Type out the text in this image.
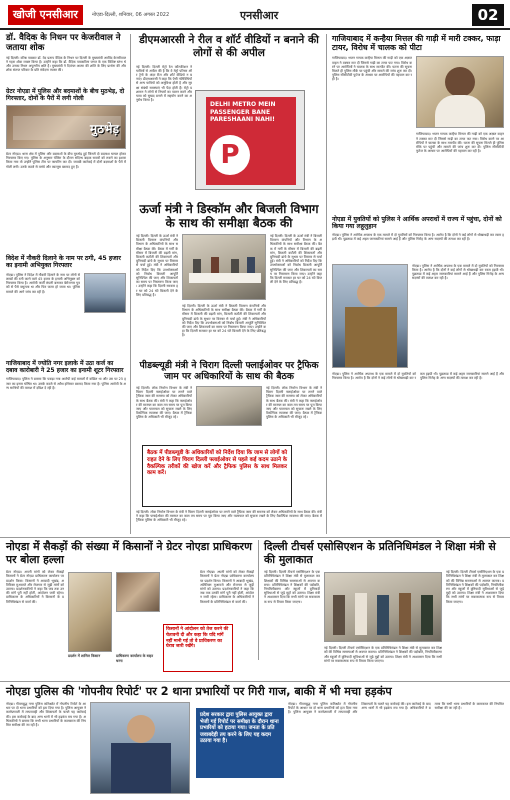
खोजी एनसीआर	नोएडा-दिल्ली, शनिवार, 06 अगस्त 2022	एनसीआर	02
डॉ. वैदिक के निधन पर केजरीवाल ने जताया शोक
नई दिल्ली। वरिष्ठ पत्रकार डॉ. वेद प्रताप वैदिक के निधन पर दिल्ली के मुख्यमंत्री अरविंद केजरीवाल ने गहरा शोक व्यक्त किया है। उन्होंने कहा कि डॉ. वैदिक पत्रकारिता जगत के एक विशिष्ट स्तंभ थे और उनका निधन अपूरणीय क्षति है। मुख्यमंत्री ने दिवंगत आत्मा की शांति के लिए प्रार्थना की और शोक संतप्त परिवार के प्रति संवेदना व्यक्त की।
ग्रेटर नोएडा में पुलिस और बदमाशों के बीच मुठभेड़, दो गिरफ्तार, दोनों के पैरों में लगी गोली
मुठभेड़
ग्रेटर नोएडा। थाना क्षेत्र में पुलिस और बदमाशों के बीच मुठभेड़ हुई जिसमें दो बदमाश घायल होकर गिरफ्तार किए गए। पुलिस के अनुसार चेकिंग के दौरान संदिग्ध बाइक सवारों को रुकने का इशारा किया गया तो उन्होंने पुलिस टीम पर फायरिंग कर दी। जवाबी कार्रवाई में दोनों बदमाशों के पैरों में गोली लगी। उनके कब्जे से तमंचे और कारतूस बरामद हुए हैं।
विदेश में नौकरी दिलाने के नाम पर ठगी, 45 हजार का इनामी अभियुक्त गिरफ्तार
नोएडा। पुलिस ने विदेश में नौकरी दिलाने के नाम पर लोगों से लाखों की ठगी करने वाले 45 हजार के इनामी अभियुक्त को गिरफ्तार किया है। आरोपी फर्जी कंपनी बनाकर बेरोजगार युवकों से पैसे वसूलता था और फिर फरार हो जाता था। पुलिस मामले की आगे जांच कर रही है।
गाजियाबाद में ज्योति नगर इलाके में उठा कर्ज का दबाव कारोबारी ने 25 हजार का इनामी शूटर गिरफ्तार
गाजियाबाद। पुलिस ने बताया कि पकड़ा गया आरोपी कई मामलों में वांछित था और उस पर 25 हजार का इनाम घोषित था। उसके कब्जे से अवैध हथियार बरामद किया गया है। पुलिस आरोपी के अन्य साथियों की तलाश में दबिश दे रही है।
डीएमआरसी ने रील व शॉर्ट वीडियों न बनाने की लोगों से की अपील
नई दिल्ली। दिल्ली मेट्रो रेल कॉरपोरेशन ने यात्रियों से अपील की है कि वे मेट्रो परिसर और ट्रेनों के अंदर रील और शॉर्ट वीडियो न बनाएं। डीएमआरसी ने कहा कि ऐसी गतिविधियों से अन्य यात्रियों को असुविधा होती है और सुरक्षा संबंधी समस्याएं भी पैदा होती हैं। मेट्रो प्रशासन ने लोगों से नियमों का पालन करने और यात्रा को सुखद बनाने में सहयोग करने का अनुरोध किया है।
DELHI METRO MEIN PASSENGER BANE PARESHAANI NAHI!
P
गाजियाबाद में कन्हैया मित्तल की गाड़ी में मारी टक्कर, फाड़ा टायर, विरोध में चालक को पीटा
गाजियाबाद। भजन गायक कन्हैया मित्तल की गाड़ी को एक अज्ञात वाहन ने टक्कर मार दी जिससे गाड़ी का टायर फट गया। विरोध करने पर आरोपियों ने चालक के साथ मारपीट की। घटना की सूचना मिलते ही पुलिस मौके पर पहुंची और मामले की जांच शुरू कर दी। पुलिस सीसीटीवी फुटेज के आधार पर आरोपियों की पहचान कर रही है।
गाजियाबाद। भजन गायक कन्हैया मित्तल की गाड़ी को एक अज्ञात वाहन ने टक्कर मार दी जिससे गाड़ी का टायर फट गया। विरोध करने पर आरोपियों ने चालक के साथ मारपीट की। घटना की सूचना मिलते ही पुलिस मौके पर पहुंची और मामले की जांच शुरू कर दी। पुलिस सीसीटीवी फुटेज के आधार पर आरोपियों की पहचान कर रही है।
नोएडा में युवतियों को पुलिस ने आर्थिक अपराधों में राज्य में पहुंचा, दोनों को किया गया लहूलुहान
नोएडा। पुलिस ने आर्थिक अपराध के एक मामले में दो युवतियों को गिरफ्तार किया है। आरोप है कि दोनों ने कई लोगों से धोखाधड़ी कर रकम हड़पी थी। पूछताछ में कई अहम जानकारियां सामने आई हैं और पुलिस गिरोह के अन्य सदस्यों की तलाश कर रही है।
नोएडा। पुलिस ने आर्थिक अपराध के एक मामले में दो युवतियों को गिरफ्तार किया है। आरोप है कि दोनों ने कई लोगों से धोखाधड़ी कर रकम हड़पी थी। पूछताछ में कई अहम जानकारियां सामने आई हैं और पुलिस गिरोह के अन्य सदस्यों की तलाश कर रही है।
नोएडा। पुलिस ने आर्थिक अपराध के एक मामले में दो युवतियों को गिरफ्तार किया है। आरोप है कि दोनों ने कई लोगों से धोखाधड़ी कर रकम हड़पी थी। पूछताछ में कई अहम जानकारियां सामने आई हैं और पुलिस गिरोह के अन्य सदस्यों की तलाश कर रही है।
ऊर्जा मंत्री ने डिस्कॉम और बिजली विभाग के साथ की समीक्षा बैठक की
नई दिल्ली। दिल्ली के ऊर्जा मंत्री ने बिजली वितरण कंपनियों और विभाग के अधिकारियों के साथ समीक्षा बैठक की। बैठक में गर्मी के मौसम में बिजली की बढ़ती मांग, बिजली कटौती की शिकायतों और बुनियादी ढांचे के सुधार पर विस्तार से चर्चा हुई। मंत्री ने अधिकारियों को निर्देश दिए कि उपभोक्ताओं को निर्बाध बिजली आपूर्ति सुनिश्चित की जाए और शिकायतों का समय पर निस्तारण किया जाए। उन्होंने कहा कि दिल्ली सरकार हर घर को 24 घंटे बिजली देने के लिए प्रतिबद्ध है।
नई दिल्ली। दिल्ली के ऊर्जा मंत्री ने बिजली वितरण कंपनियों और विभाग के अधिकारियों के साथ समीक्षा बैठक की। बैठक में गर्मी के मौसम में बिजली की बढ़ती मांग, बिजली कटौती की शिकायतों और बुनियादी ढांचे के सुधार पर विस्तार से चर्चा हुई। मंत्री ने अधिकारियों को निर्देश दिए कि उपभोक्ताओं को निर्बाध बिजली आपूर्ति सुनिश्चित की जाए और शिकायतों का समय पर निस्तारण किया जाए। उन्होंने कहा कि दिल्ली सरकार हर घर को 24 घंटे बिजली देने के लिए प्रतिबद्ध है।
नई दिल्ली। दिल्ली के ऊर्जा मंत्री ने बिजली वितरण कंपनियों और विभाग के अधिकारियों के साथ समीक्षा बैठक की। बैठक में गर्मी के मौसम में बिजली की बढ़ती मांग, बिजली कटौती की शिकायतों और बुनियादी ढांचे के सुधार पर विस्तार से चर्चा हुई। मंत्री ने अधिकारियों को निर्देश दिए कि उपभोक्ताओं को निर्बाध बिजली आपूर्ति सुनिश्चित की जाए और शिकायतों का समय पर निस्तारण किया जाए। उन्होंने कहा कि दिल्ली सरकार हर घर को 24 घंटे बिजली देने के लिए प्रतिबद्ध है।
पीडब्ल्यूडी मंत्री ने चिराग दिल्ली फ्लाईओवर पर ट्रैफिक जाम पर अधिकारियों के साथ की बैठक
नई दिल्ली। लोक निर्माण विभाग के मंत्री ने चिराग दिल्ली फ्लाईओवर पर लगने वाले ट्रैफिक जाम की समस्या को लेकर अधिकारियों के साथ बैठक की। मंत्री ने कहा कि फ्लाईओवर की मरम्मत का काम तय समय पर पूरा किया जाए और यातायात को सुचारू रखने के लिए वैकल्पिक व्यवस्था की जाए। बैठक में ट्रैफिक पुलिस के अधिकारी भी मौजूद रहे।
नई दिल्ली। लोक निर्माण विभाग के मंत्री ने चिराग दिल्ली फ्लाईओवर पर लगने वाले ट्रैफिक जाम की समस्या को लेकर अधिकारियों के साथ बैठक की। मंत्री ने कहा कि फ्लाईओवर की मरम्मत का काम तय समय पर पूरा किया जाए और यातायात को सुचारू रखने के लिए वैकल्पिक व्यवस्था की जाए। बैठक में ट्रैफिक पुलिस के अधिकारी भी मौजूद रहे।
बैठक में पीडब्ल्यूडी के अधिकारियों को निर्देश दिया कि जाम से लोगों को राहत देने के लिए चिराग दिल्ली फ्लाईओवर से पहले कई कदम उठाने के वैकल्पिक तरीकों की खोज करें और ट्रैफिक पुलिस के साथ मिलकर काम करें।
नई दिल्ली। लोक निर्माण विभाग के मंत्री ने चिराग दिल्ली फ्लाईओवर पर लगने वाले ट्रैफिक जाम की समस्या को लेकर अधिकारियों के साथ बैठक की। मंत्री ने कहा कि फ्लाईओवर की मरम्मत का काम तय समय पर पूरा किया जाए और यातायात को सुचारू रखने के लिए वैकल्पिक व्यवस्था की जाए। बैठक में ट्रैफिक पुलिस के अधिकारी भी मौजूद रहे।
नोएडा में सैकड़ों की संख्या में किसानों ने ग्रेटर नोएडा प्राधिकरण पर बोला हल्ला
ग्रेटर नोएडा। अपनी मांगों को लेकर सैकड़ों किसानों ने ग्रेटर नोएडा प्राधिकरण कार्यालय पर प्रदर्शन किया। किसानों ने आबादी भूखंड, अतिरिक्त मुआवजे और रोजगार से जुड़ी मांगों को उठाया। प्रदर्शनकारियों ने कहा कि जब तक उनकी मांगें पूरी नहीं होतीं, आंदोलन जारी रहेगा। प्राधिकरण के अधिकारियों ने किसानों के प्रतिनिधिमंडल से वार्ता की।
प्रदर्शन में शामिल किसान	प्राधिकरण कार्यालय के बाहर धरना
ग्रेटर नोएडा। अपनी मांगों को लेकर सैकड़ों किसानों ने ग्रेटर नोएडा प्राधिकरण कार्यालय पर प्रदर्शन किया। किसानों ने आबादी भूखंड, अतिरिक्त मुआवजे और रोजगार से जुड़ी मांगों को उठाया। प्रदर्शनकारियों ने कहा कि जब तक उनकी मांगें पूरी नहीं होतीं, आंदोलन जारी रहेगा। प्राधिकरण के अधिकारियों ने किसानों के प्रतिनिधिमंडल से वार्ता की।
किसानों ने आंदोलन को तेज करने की चेतावनी दी और कहा कि यदि मांगें नहीं मानी गई तो वे प्राधिकरण का घेराव जारी रखेंगे।
दिल्ली टीचर्स एसोसिएशन के प्रतिनिधिमंडल ने शिक्षा मंत्री से की मुलाकात
नई दिल्ली। दिल्ली टीचर्स एसोसिएशन के एक प्रतिनिधिमंडल ने शिक्षा मंत्री से मुलाकात कर शिक्षकों की विभिन्न समस्याओं से अवगत कराया। प्रतिनिधिमंडल ने शिक्षकों की पदोन्नति, नियमितीकरण और स्कूलों में बुनियादी सुविधाओं से जुड़े मुद्दों को उठाया। शिक्षा मंत्री ने आश्वासन दिया कि सभी मांगों पर सकारात्मक रूप से विचार किया जाएगा।
नई दिल्ली। दिल्ली टीचर्स एसोसिएशन के एक प्रतिनिधिमंडल ने शिक्षा मंत्री से मुलाकात कर शिक्षकों की विभिन्न समस्याओं से अवगत कराया। प्रतिनिधिमंडल ने शिक्षकों की पदोन्नति, नियमितीकरण और स्कूलों में बुनियादी सुविधाओं से जुड़े मुद्दों को उठाया। शिक्षा मंत्री ने आश्वासन दिया कि सभी मांगों पर सकारात्मक रूप से विचार किया जाएगा।
नई दिल्ली। दिल्ली टीचर्स एसोसिएशन के एक प्रतिनिधिमंडल ने शिक्षा मंत्री से मुलाकात कर शिक्षकों की विभिन्न समस्याओं से अवगत कराया। प्रतिनिधिमंडल ने शिक्षकों की पदोन्नति, नियमितीकरण और स्कूलों में बुनियादी सुविधाओं से जुड़े मुद्दों को उठाया। शिक्षा मंत्री ने आश्वासन दिया कि सभी मांगों पर सकारात्मक रूप से विचार किया जाएगा।
नोएडा पुलिस की 'गोपनीय रिपोर्ट' पर 2 थाना प्रभारियों पर गिरी गाज, बाकी में भी मचा हड़कंप
नोएडा। गौतमबुद्ध नगर पुलिस कमिश्नरेट में गोपनीय रिपोर्ट के आधार पर दो थाना प्रभारियों को हटा दिया गया है। पुलिस आयुक्त ने कार्यप्रणाली में लापरवाही और शिकायतों के चलते यह कार्रवाई की। इस कार्रवाई के बाद अन्य थानों में भी हड़कंप मच गया है। अधिकारियों ने बताया कि सभी थाना प्रभारियों के कामकाज की नियमित समीक्षा की जा रही है।
नोएडा। गौतमबुद्ध नगर पुलिस कमिश्नरेट में गोपनीय रिपोर्ट के आधार पर दो थाना प्रभारियों को हटा दिया गया है। पुलिस आयुक्त ने कार्यप्रणाली में लापरवाही और शिकायतों के चलते यह कार्रवाई की। इस कार्रवाई के बाद अन्य थानों में भी हड़कंप मच गया है। अधिकारियों ने बताया कि सभी थाना प्रभारियों के कामकाज की नियमित समीक्षा की जा रही है।
प्रदेश सरकार द्वारा पुलिस आयुक्त द्वारा भेजी गई रिपोर्ट पर समीक्षा के दौरान थाना प्रभारियों को हटाया गया। जनता के प्रति जवाबदेही तय करने के लिए यह कदम उठाया गया है।
